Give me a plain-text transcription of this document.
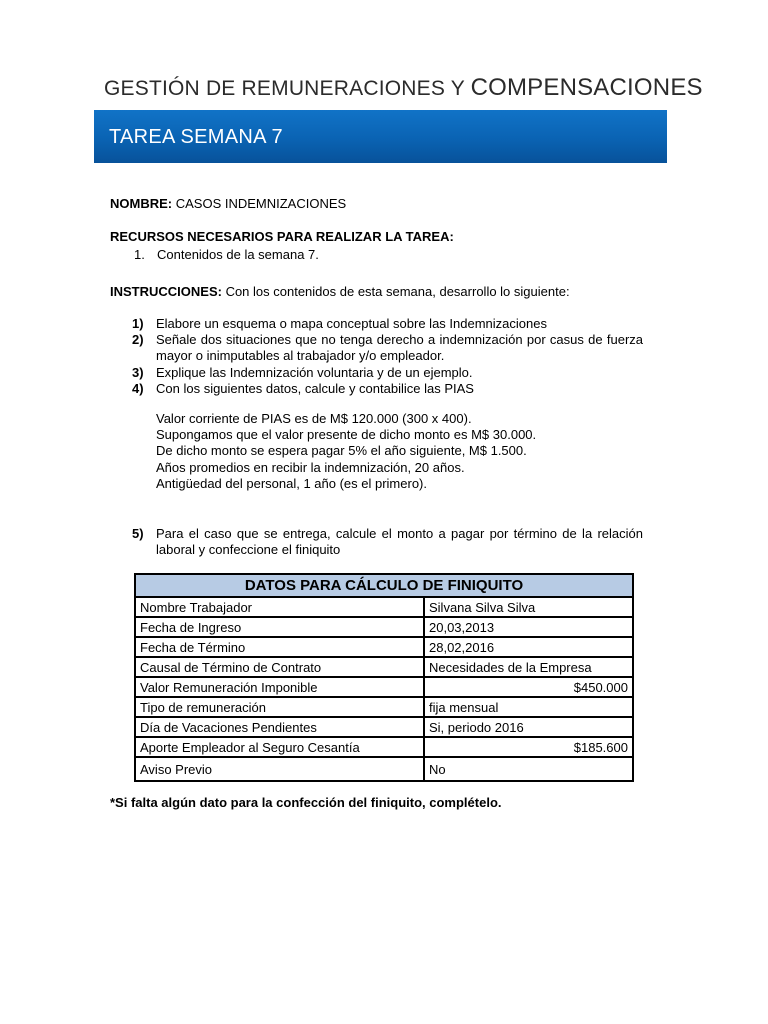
GESTIÓN DE REMUNERACIONES Y COMPENSACIONES
TAREA SEMANA 7
NOMBRE: CASOS INDEMNIZACIONES
RECURSOS NECESARIOS PARA REALIZAR LA TAREA:
1. Contenidos de la semana 7.
INSTRUCCIONES: Con los contenidos de esta semana, desarrollo lo siguiente:
1) Elabore un esquema o mapa conceptual sobre las Indemnizaciones
2) Señale dos situaciones que no tenga derecho a indemnización por casus de fuerza
mayor o inimputables al trabajador y/o empleador.
3) Explique las Indemnización voluntaria y de un ejemplo.
4) Con los siguientes datos, calcule y contabilice las PIAS
Valor corriente de PIAS es de M$ 120.000 (300 x 400).
Supongamos que el valor presente de dicho monto es M$ 30.000.
De dicho monto se espera pagar 5% el año siguiente, M$ 1.500.
Años promedios en recibir la indemnización, 20 años.
Antigüedad del personal, 1 año (es el primero).
5) Para el caso que se entrega, calcule el monto a pagar por término de la relación
laboral y confeccione el finiquito
DATOS PARA CÁLCULO DE FINIQUITO	
Nombre Trabajador	Silvana Silva Silva
Fecha de Ingreso	20,03,2013
Fecha de Término	28,02,2016
Causal de Término de Contrato	Necesidades de la Empresa
Valor Remuneración Imponible	$450.000
Tipo de remuneración	fija mensual
Día de Vacaciones Pendientes	Si, periodo 2016
Aporte Empleador al Seguro Cesantía	$185.600
Aviso Previo	No
*Si falta algún dato para la confección del finiquito, complételo.
